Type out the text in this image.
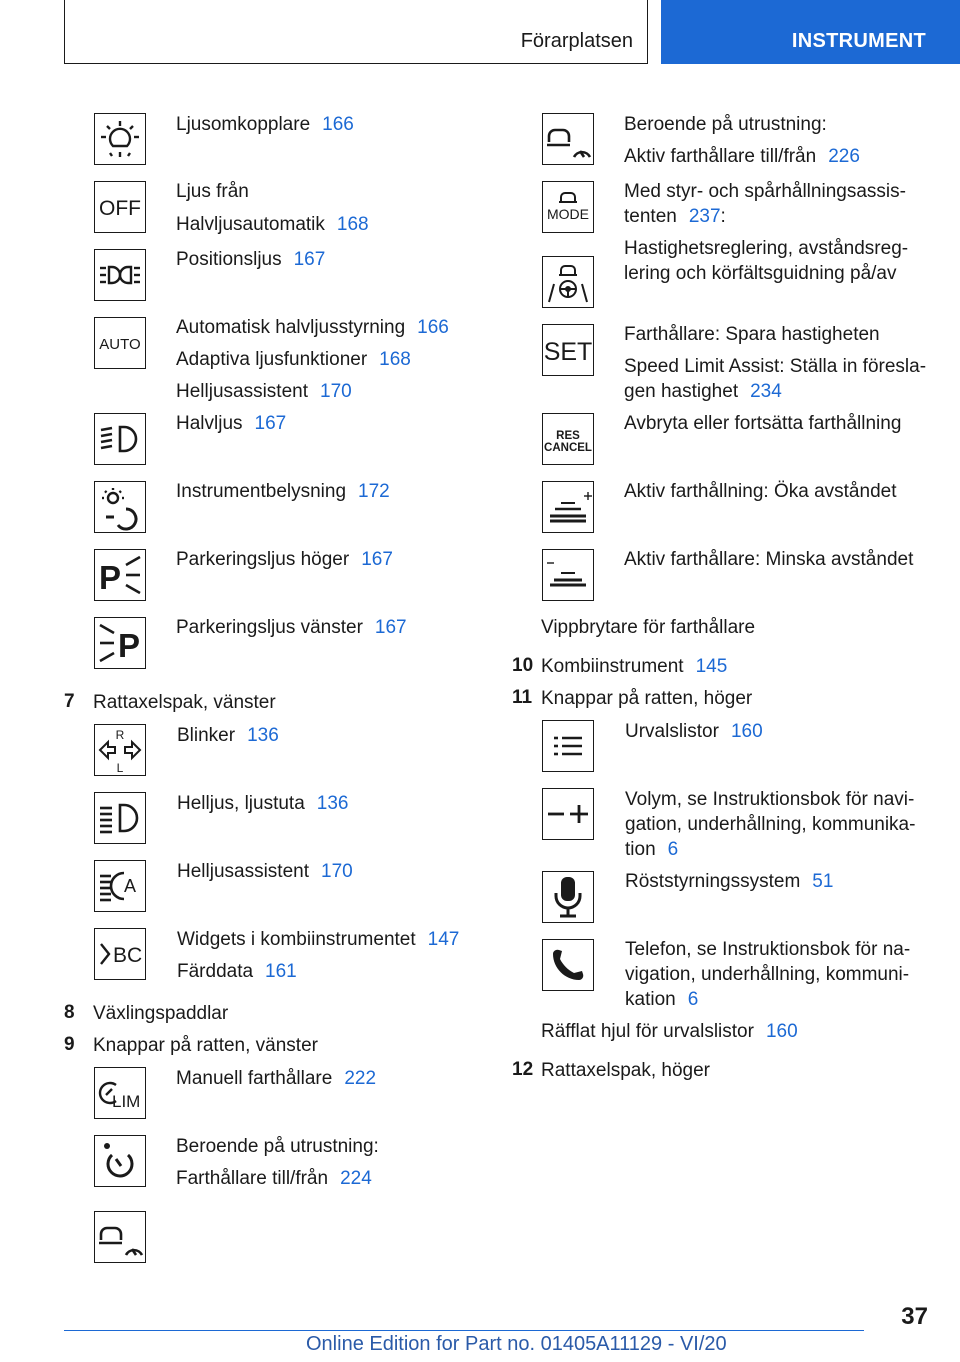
Förarplatsen	INSTRUMENT
Ljusomkopplare 166
OFF
Ljus från
Halvljusautomatik 168
Positionsljus 167
AUTO
Automatisk halvljusstyrning 166
Adaptiva ljusfunktioner 168
Helljusassistent 170
Halvljus 167
Instrumentbelysning 172
P	Parkeringsljus höger 167
P Parkeringsljus vänster 167
7 Rattaxelspak, vänster
R
L
Blinker 136
Helljus, ljustuta 136
A
Helljusassistent 170
BC
Widgets i kombiinstrumentet 147
Färddata 161
8 Växlingspaddlar
9 Knappar på ratten, vänster
LIM
Manuell farthållare 222
Beroende på utrustning:
Farthållare till/från 224
Beroende på utrustning:
Aktiv farthållare till/från 226
MODE
Med styr- och spårhållningsassis-
tenten 237:
Hastighetsreglering, avståndsreg-
lering och körfältsguidning på/av
SET
Farthållare: Spara hastigheten
Speed Limit Assist: Ställa in föresla-
gen hastighet 234
RES
CANCEL
Avbryta eller fortsätta farthållning
Aktiv farthållning: Öka avståndet
Aktiv farthållare: Minska avståndet
Vippbrytare för farthållare
10 Kombiinstrument 145
11 Knappar på ratten, höger
Urvalslistor 160
Volym, se Instruktionsbok för navi-
gation, underhållning, kommunika-
tion 6
Röststyrningssystem 51
Telefon, se Instruktionsbok för na-
vigation, underhållning, kommuni-
kation 6
Räfflat hjul för urvalslistor 160
12 Rattaxelspak, höger
37
Online Edition for Part no. 01405A11129 - VI/20
